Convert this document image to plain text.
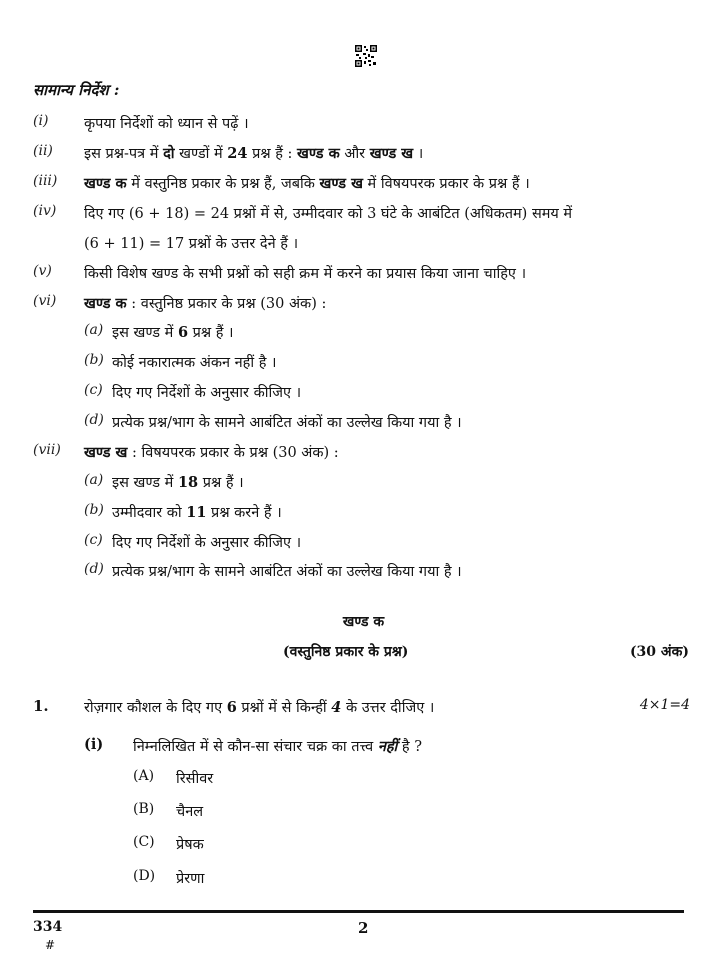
सामान्य निर्देश :
(i) कृपया निर्देशों को ध्यान से पढ़ें ।
(ii) इस प्रश्न-पत्र में दो खण्डों में 24 प्रश्न हैं : खण्ड क और खण्ड ख ।
(iii) खण्ड क में वस्तुनिष्ठ प्रकार के प्रश्न हैं, जबकि खण्ड ख में विषयपरक प्रकार के प्रश्न हैं ।
(iv) दिए गए (6 + 18) = 24 प्रश्नों में से, उम्मीदवार को 3 घंटे के आबंटित (अधिकतम) समय में
(6 + 11) = 17 प्रश्नों के उत्तर देने हैं ।
(v) किसी विशेष खण्ड के सभी प्रश्नों को सही क्रम में करने का प्रयास किया जाना चाहिए ।
(vi) खण्ड क : वस्तुनिष्ठ प्रकार के प्रश्न (30 अंक) :
(a) इस खण्ड में 6 प्रश्न हैं ।
(b) कोई नकारात्मक अंकन नहीं है ।
(c) दिए गए निर्देशों के अनुसार कीजिए ।
(d) प्रत्येक प्रश्न/भाग के सामने आबंटित अंकों का उल्लेख किया गया है ।
(vii) खण्ड ख : विषयपरक प्रकार के प्रश्न (30 अंक) :
(a) इस खण्ड में 18 प्रश्न हैं ।
(b) उम्मीदवार को 11 प्रश्न करने हैं ।
(c) दिए गए निर्देशों के अनुसार कीजिए ।
(d) प्रत्येक प्रश्न/भाग के सामने आबंटित अंकों का उल्लेख किया गया है ।
खण्ड क
(वस्तुनिष्ठ प्रकार के प्रश्न)	(30 अंक)
1. रोज़गार कौशल के दिए गए 6 प्रश्नों में से किन्हीं 4 के उत्तर दीजिए ।	4×1=4
(i) निम्नलिखित में से कौन-सा संचार चक्र का तत्त्व नहीं है ?
(A) रिसीवर
(B) चैनल
(C) प्रेषक
(D) प्रेरणा
334
#
2
